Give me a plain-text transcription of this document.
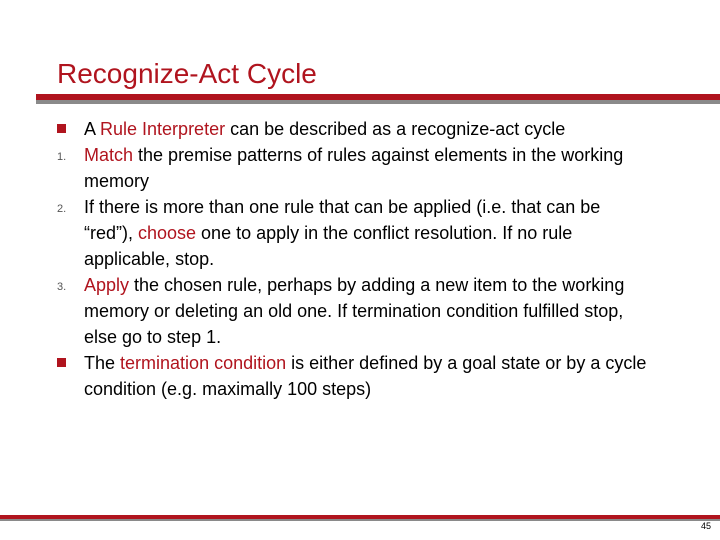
Recognize-Act Cycle
A Rule Interpreter can be described as a recognize-act cycle
1. Match the premise patterns of rules against elements in the working memory
2. If there is more than one rule that can be applied (i.e. that can be “red”), choose one to apply in the conflict resolution. If no rule applicable, stop.
3. Apply the chosen rule, perhaps by adding a new item to the working memory or deleting an old one. If termination condition fulfilled stop, else go to step 1.
The termination condition is either defined by a goal state or by a cycle condition (e.g. maximally 100 steps)
45
